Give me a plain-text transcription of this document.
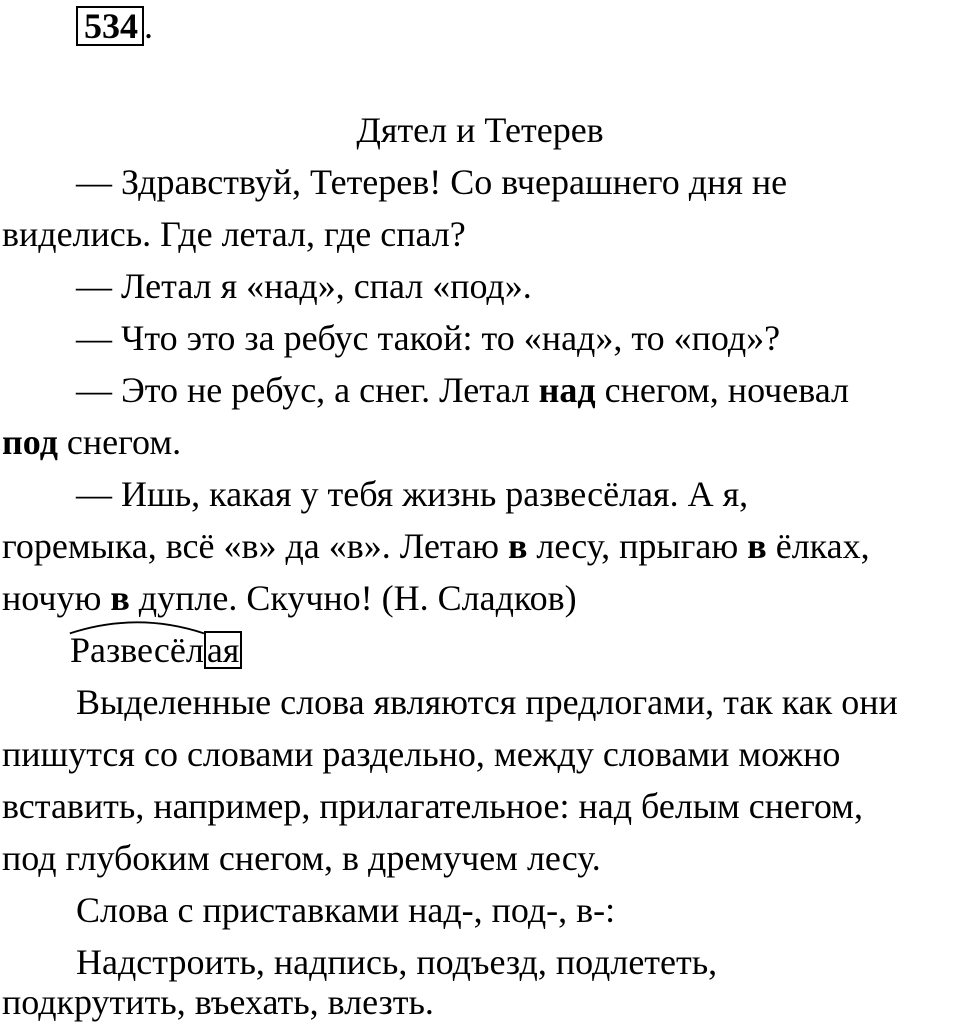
534 .
Дятел и Тетерев
— Здравствуй, Тетерев! Со вчерашнего дня не
виделись. Где летал, где спал?
— Летал я «над», спал «под».
— Что это за ребус такой: то «над», то «под»?
— Это не ребус, а снег. Летал над снегом, ночевал
под снегом.
— Ишь, какая у тебя жизнь развесёлая. А я,
горемыка, всё «в» да «в». Летаю в лесу, прыгаю в ёлках,
ночую в дупле. Скучно! (Н. Сладков)
Развесёлая
Выделенные слова являются предлогами, так как они
пишутся со словами раздельно, между словами можно
вставить, например, прилагательное: над белым снегом,
под глубоким снегом, в дремучем лесу.
Слова с приставками над-, под-, в-:
Надстроить, надпись, подъезд, подлететь,
подкрутить, въехать, влезть.
